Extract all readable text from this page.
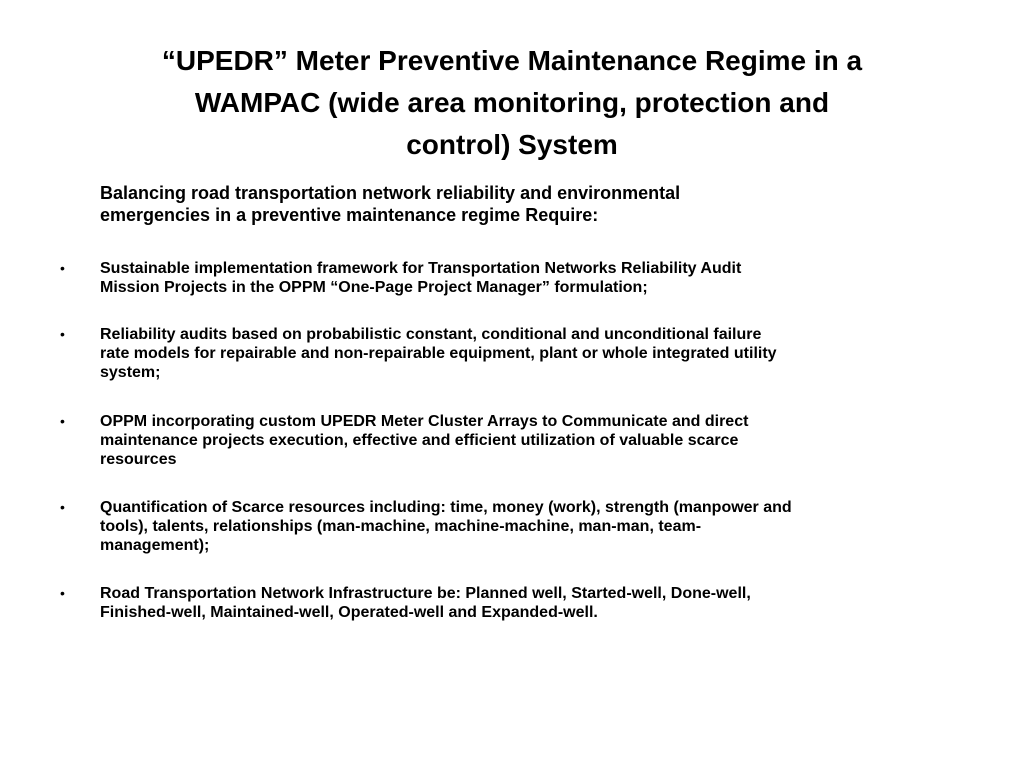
“UPEDR” Meter Preventive Maintenance Regime in a
WAMPAC (wide area monitoring, protection and
control) System

Balancing road transportation network reliability and environmental
emergencies in a preventive maintenance regime Require:

•	Sustainable implementation framework for Transportation Networks Reliability Audit
Mission Projects in the OPPM “One-Page Project Manager” formulation;
•	Reliability audits based on probabilistic constant, conditional and unconditional failure
rate models for repairable and non-repairable equipment, plant or whole integrated utility
system;
•	OPPM incorporating custom UPEDR Meter Cluster Arrays to Communicate and direct
maintenance projects execution, effective and efficient utilization of valuable scarce
resources
•	Quantification of Scarce resources including: time, money (work), strength (manpower and
tools), talents, relationships (man-machine, machine-machine, man-man, team-
management);
•	Road Transportation Network Infrastructure be: Planned well, Started-well, Done-well,
Finished-well, Maintained-well, Operated-well and Expanded-well.
